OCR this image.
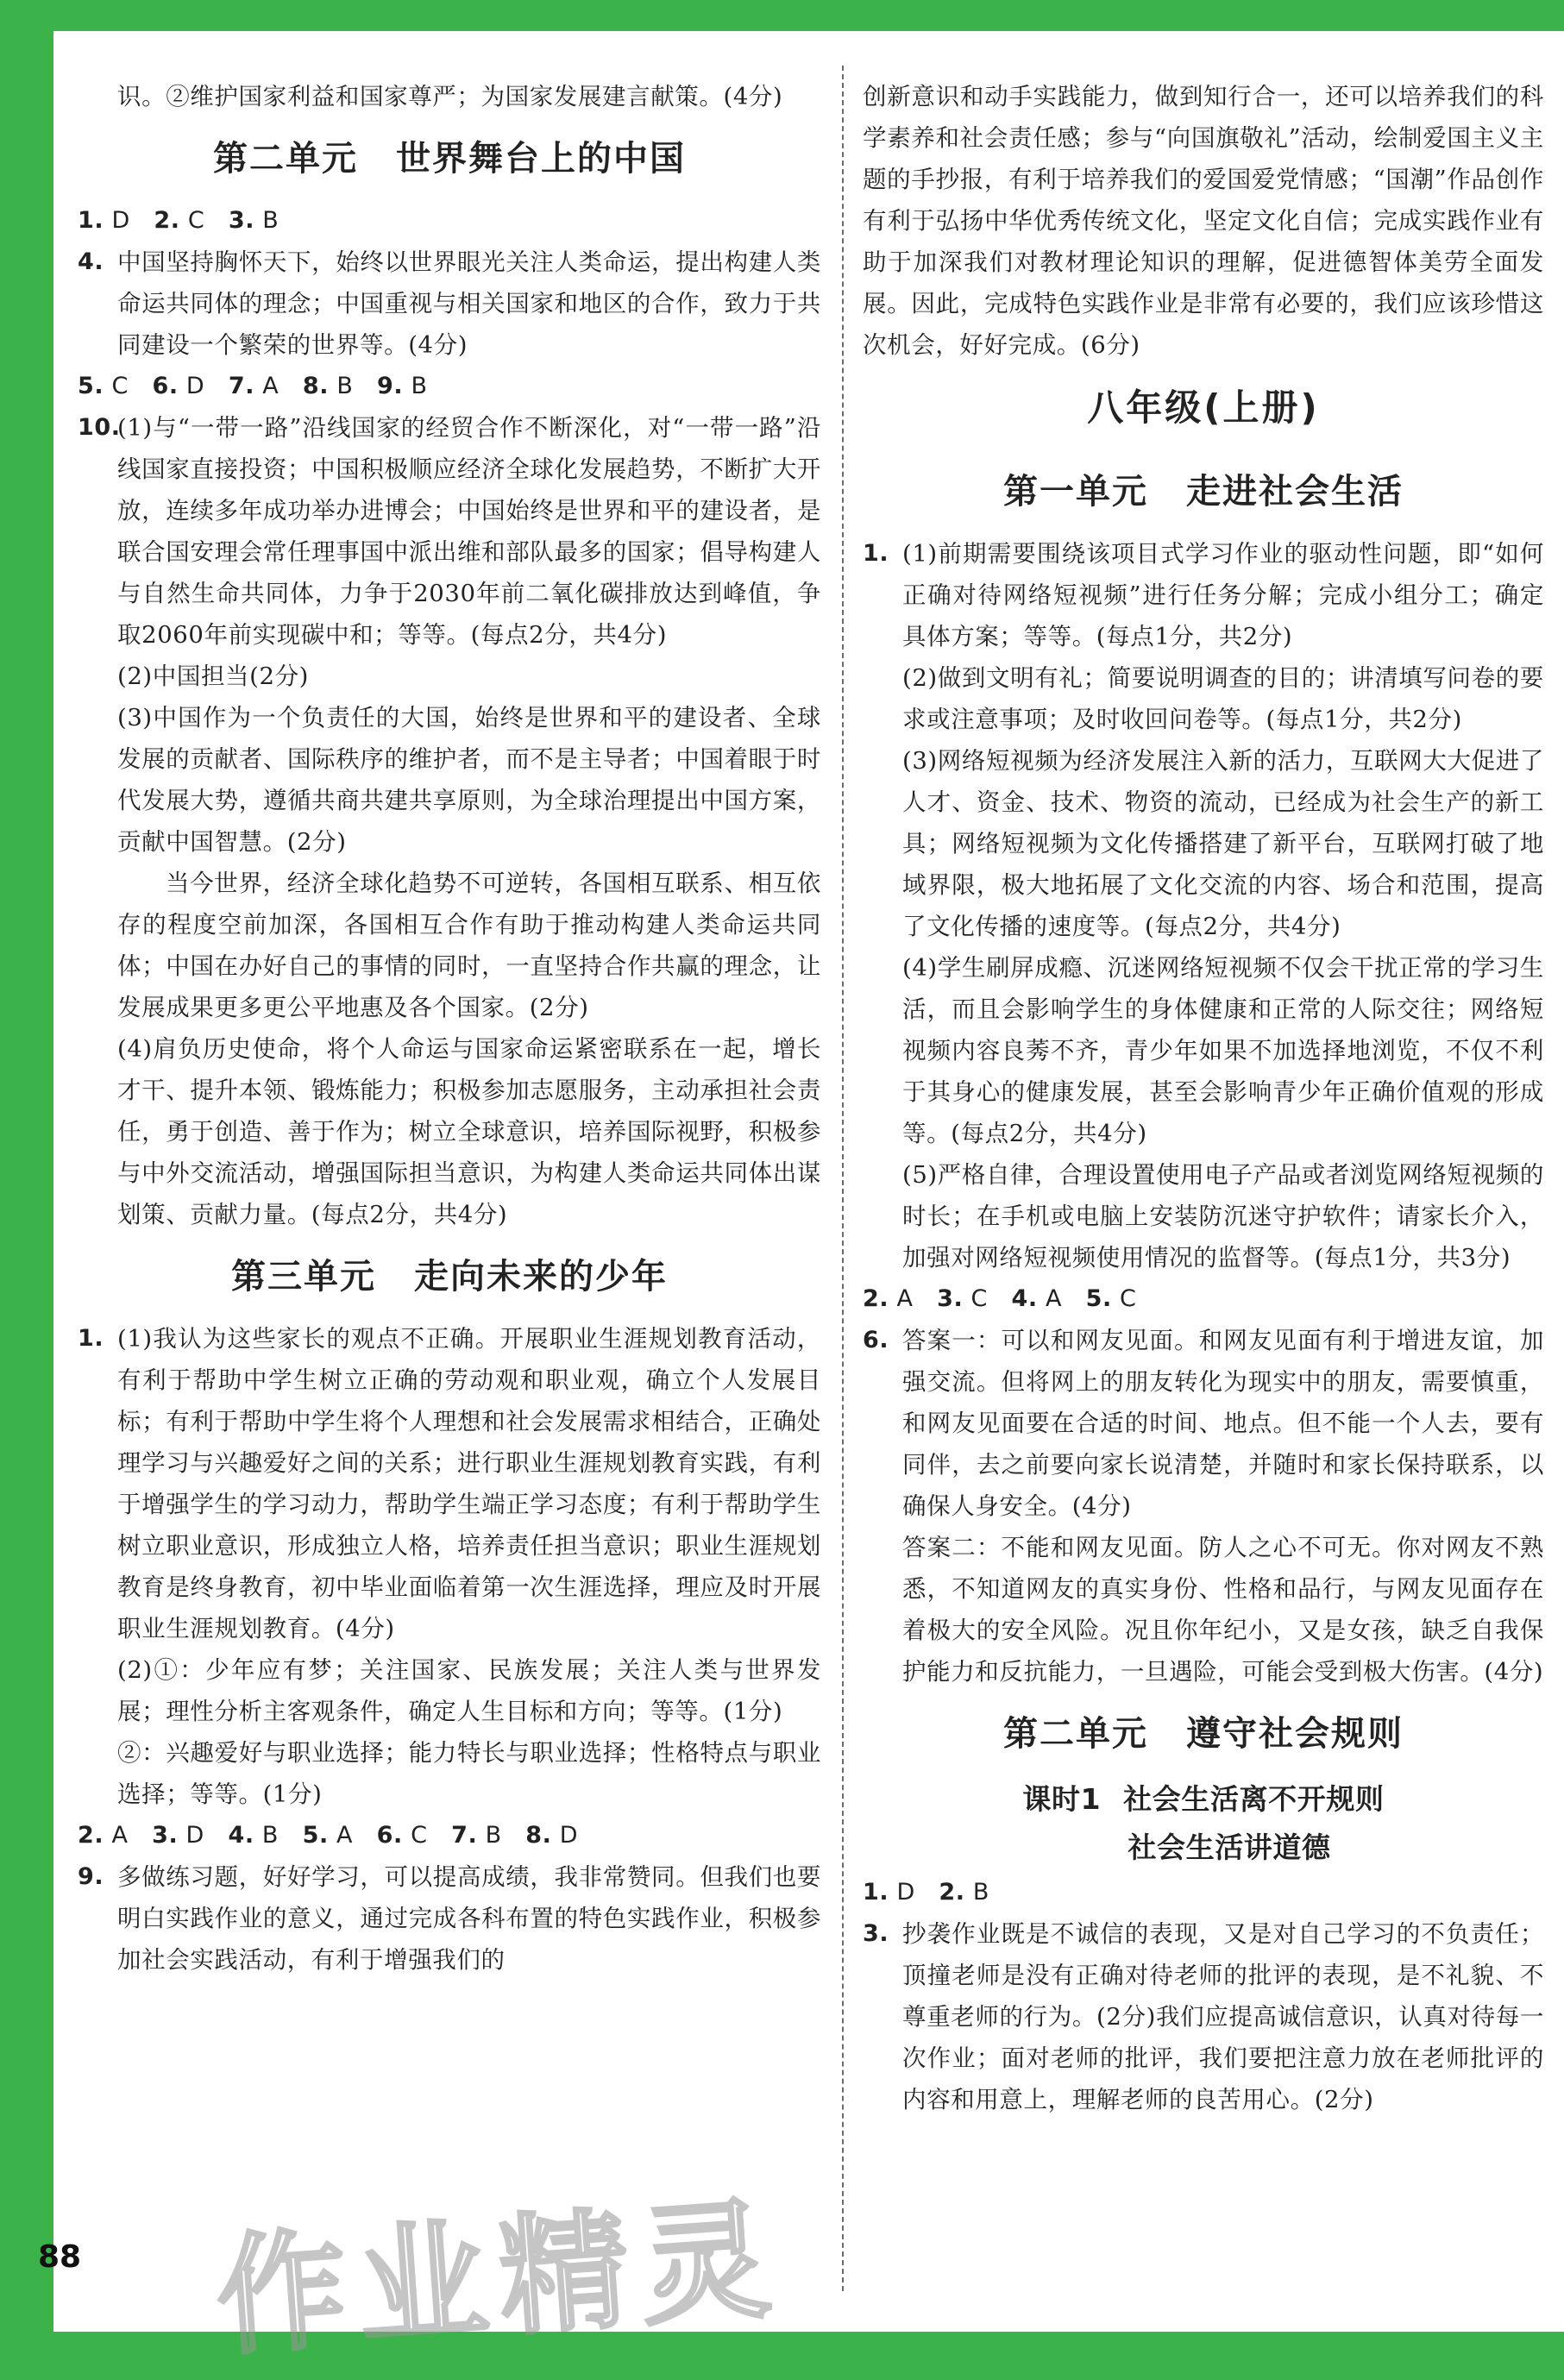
识。②维护国家利益和国家尊严；为国家发展建言献策。(4分)

第二单元 世界舞台上的中国

1. D 2. C 3. B

4. 中国坚持胸怀天下，始终以世界眼光关注人类命运，提出构建人类命运共同体的理念；中国重视与相关国家和地区的合作，致力于共同建设一个繁荣的世界等。(4分)

5. C 6. D 7. A 8. B 9. B

10.

(1)与“一带一路”沿线国家的经贸合作不断深化，对“一带一路”沿线国家直接投资；中国积极顺应经济全球化发展趋势，不断扩大开放，连续多年成功举办进博会；中国始终是世界和平的建设者，是联合国安理会常任理事国中派出维和部队最多的国家；倡导构建人与自然生命共同体，力争于2030年前二氧化碳排放达到峰值，争取2060年前实现碳中和；等等。(每点2分，共4分)

(2)中国担当(2分)

(3)中国作为一个负责任的大国，始终是世界和平的建设者、全球发展的贡献者、国际秩序的维护者，而不是主导者；中国着眼于时代发展大势，遵循共商共建共享原则，为全球治理提出中国方案，贡献中国智慧。(2分)

当今世界，经济全球化趋势不可逆转，各国相互联系、相互依存的程度空前加深，各国相互合作有助于推动构建人类命运共同体；中国在办好自己的事情的同时，一直坚持合作共赢的理念，让发展成果更多更公平地惠及各个国家。(2分)

(4)肩负历史使命，将个人命运与国家命运紧密联系在一起，增长才干、提升本领、锻炼能力；积极参加志愿服务，主动承担社会责任，勇于创造、善于作为；树立全球意识，培养国际视野，积极参与中外交流活动，增强国际担当意识，为构建人类命运共同体出谋划策、贡献力量。(每点2分，共4分)

第三单元 走向未来的少年
1. (1)我认为这些家长的观点不正确。开展职业生涯规划教育活动，有利于帮助中学生树立正确的劳动观和职业观，确立个人发展目标；有利于帮助中学生将个人理想和社会发展需求相结合，正确处理学习与兴趣爱好之间的关系；进行职业生涯规划教育实践，有利于增强学生的学习动力，帮助学生端正学习态度；有利于帮助学生树立职业意识，形成独立人格，培养责任担当意识；职业生涯规划教育是终身教育，初中毕业面临着第一次生涯选择，理应及时开展职业生涯规划教育。(4分)

(2)①：少年应有梦；关注国家、民族发展；关注人类与世界发展；理性分析主客观条件，确定人生目标和方向；等等。(1分)

②：兴趣爱好与职业选择；能力特长与职业选择；性格特点与职业选择；等等。(1分)

2. A 3. D 4. B 5. A 6. C 7. B 8. D

9. 多做练习题，好好学习，可以提高成绩，我非常赞同。但我们也要明白实践作业的意义，通过完成各科布置的特色实践作业，积极参加社会实践活动，有利于增强我们的

创新意识和动手实践能力，做到知行合一，还可以培养我们的科学素养和社会责任感；参与“向国旗敬礼”活动，绘制爱国主义主题的手抄报，有利于培养我们的爱国爱党情感；“国潮”作品创作有利于弘扬中华优秀传统文化，坚定文化自信；完成实践作业有助于加深我们对教材理论知识的理解，促进德智体美劳全面发展。因此，完成特色实践作业是非常有必要的，我们应该珍惜这次机会，好好完成。(6分)

八年级(上册)
第一单元 走进社会生活
1. (1)前期需要围绕该项目式学习作业的驱动性问题，即“如何正确对待网络短视频”进行任务分解；完成小组分工；确定具体方案；等等。(每点1分，共2分)

(2)做到文明有礼；简要说明调查的目的；讲清填写问卷的要求或注意事项；及时收回问卷等。(每点1分，共2分)

(3)网络短视频为经济发展注入新的活力，互联网大大促进了人才、资金、技术、物资的流动，已经成为社会生产的新工具；网络短视频为文化传播搭建了新平台，互联网打破了地域界限，极大地拓展了文化交流的内容、场合和范围，提高了文化传播的速度等。(每点2分，共4分)

(4)学生刷屏成瘾、沉迷网络短视频不仅会干扰正常的学习生活，而且会影响学生的身体健康和正常的人际交往；网络短视频内容良莠不齐，青少年如果不加选择地浏览，不仅不利于其身心的健康发展，甚至会影响青少年正确价值观的形成等。(每点2分，共4分)

(5)严格自律，合理设置使用电子产品或者浏览网络短视频的时长；在手机或电脑上安装防沉迷守护软件；请家长介入，加强对网络短视频使用情况的监督等。(每点1分，共3分)

2. A 3. C 4. A 5. C

6. 答案一：可以和网友见面。和网友见面有利于增进友谊，加强交流。但将网上的朋友转化为现实中的朋友，需要慎重，和网友见面要在合适的时间、地点。但不能一个人去，要有同伴，去之前要向家长说清楚，并随时和家长保持联系，以确保人身安全。(4分)

答案二：不能和网友见面。防人之心不可无。你对网友不熟悉，不知道网友的真实身份、性格和品行，与网友见面存在着极大的安全风险。况且你年纪小，又是女孩，缺乏自我保护能力和反抗能力，一旦遇险，可能会受到极大伤害。(4分)

第二单元 遵守社会规则
课时1 社会生活离不开规则
社会生活讲道德

1. D 2. B

3. 抄袭作业既是不诚信的表现，又是对自己学习的不负责任；顶撞老师是没有正确对待老师的批评的表现，是不礼貌、不尊重老师的行为。(2分)我们应提高诚信意识，认真对待每一次作业；面对老师的批评，我们要把注意力放在老师批评的内容和用意上，理解老师的良苦用心。(2分)

88 作业精灵
